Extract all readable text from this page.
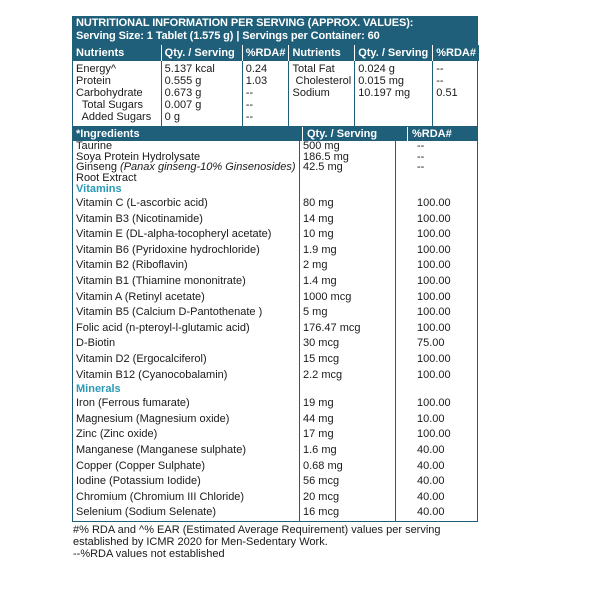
NUTRITIONAL INFORMATION PER SERVING (APPROX. VALUES):
Serving Size: 1 Tablet (1.575 g) | Servings per Container: 60
Nutrients	Qty. / Serving	%RDA#	Nutrients	Qty. / Serving	%RDA#
Energy^	5.137 kcal	0.24	Total Fat	0.024 g	--
Protein	0.555 g	1.03	Cholesterol	0.015 mg	--
Carbohydrate	0.673 g	--	Sodium	10.197 mg	0.51
Total Sugars	0.007 g	--			
Added Sugars	0 g	--			
*Ingredients	Qty. / Serving	%RDA#
Taurine	500 mg	--
Soya Protein Hydrolysate	186.5 mg	--
Ginseng (Panax ginseng-10% Ginsenosides) 42.5 mg	--
Root Extract
Vitamins
Vitamin C (L-ascorbic acid)	80 mg	100.00
Vitamin B3 (Nicotinamide)	14 mg	100.00
Vitamin E (DL-alpha-tocopheryl acetate)	10 mg	100.00
Vitamin B6 (Pyridoxine hydrochloride)	1.9 mg	100.00
Vitamin B2 (Riboflavin)	2 mg	100.00
Vitamin B1 (Thiamine mononitrate)	1.4 mg	100.00
Vitamin A (Retinyl acetate)	1000 mcg	100.00
Vitamin B5 (Calcium D-Pantothenate )	5 mg	100.00
Folic acid (n-pteroyl-l-glutamic acid)	176.47 mcg	100.00
D-Biotin	30 mcg	75.00
Vitamin D2 (Ergocalciferol)	15 mcg	100.00
Vitamin B12 (Cyanocobalamin)	2.2 mcg	100.00
Minerals
Iron (Ferrous fumarate)	19 mg	100.00
Magnesium (Magnesium oxide)	44 mg	10.00
Zinc (Zinc oxide)	17 mg	100.00
Manganese (Manganese sulphate)	1.6 mg	40.00
Copper (Copper Sulphate)	0.68 mg	40.00
Iodine (Potassium Iodide)	56 mcg	40.00
Chromium (Chromium III Chloride)	20 mcg	40.00
Selenium (Sodium Selenate)	16 mcg	40.00
#% RDA and ^% EAR (Estimated Average Requirement) values per serving
established by ICMR 2020 for Men-Sedentary Work.
--%RDA values not established
